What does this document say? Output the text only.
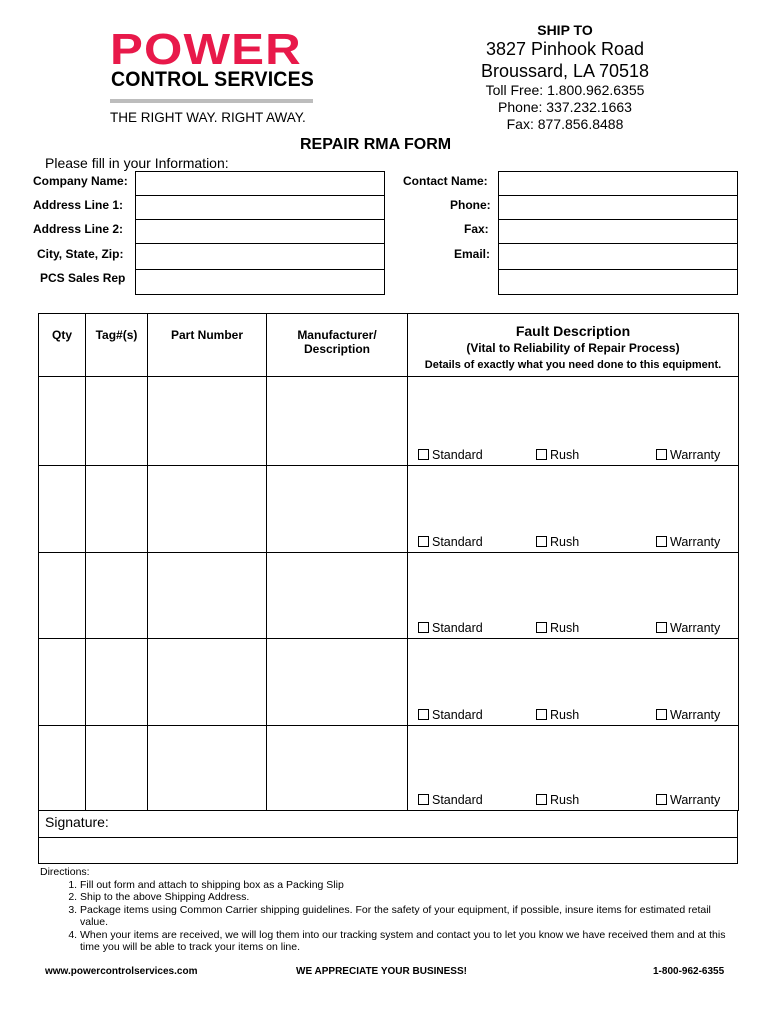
POWER
CONTROL SERVICES
THE RIGHT WAY. RIGHT AWAY.
SHIP TO
3827 Pinhook Road
Broussard, LA 70518
Toll Free: 1.800.962.6355
Phone: 337.232.1663
Fax: 877.856.8488
REPAIR RMA FORM
Please fill in your Information:
Company Name:
Address Line 1:
Address Line 2:
City, State, Zip:
PCS Sales Rep
Contact Name:
Phone:
Fax:
Email:
Qty	Tag#(s)	Part Number	Manufacturer/ Description	Fault Description
(Vital to Reliability of Repair Process)
Details of exactly what you need done to this equipment.

				Standard Rush Warranty

				Standard Rush Warranty

				Standard Rush Warranty

				Standard Rush Warranty

				Standard Rush Warranty
Signature:
Directions:
1. Fill out form and attach to shipping box as a Packing Slip
2. Ship to the above Shipping Address.
3. Package items using Common Carrier shipping guidelines. For the safety of your equipment, if possible, insure items for estimated retail value.
4. When your items are received, we will log them into our tracking system and contact you to let you know we have received them and at this time you will be able to track your items on line.
www.powercontrolservices.com	WE APPRECIATE YOUR BUSINESS!	1-800-962-6355
